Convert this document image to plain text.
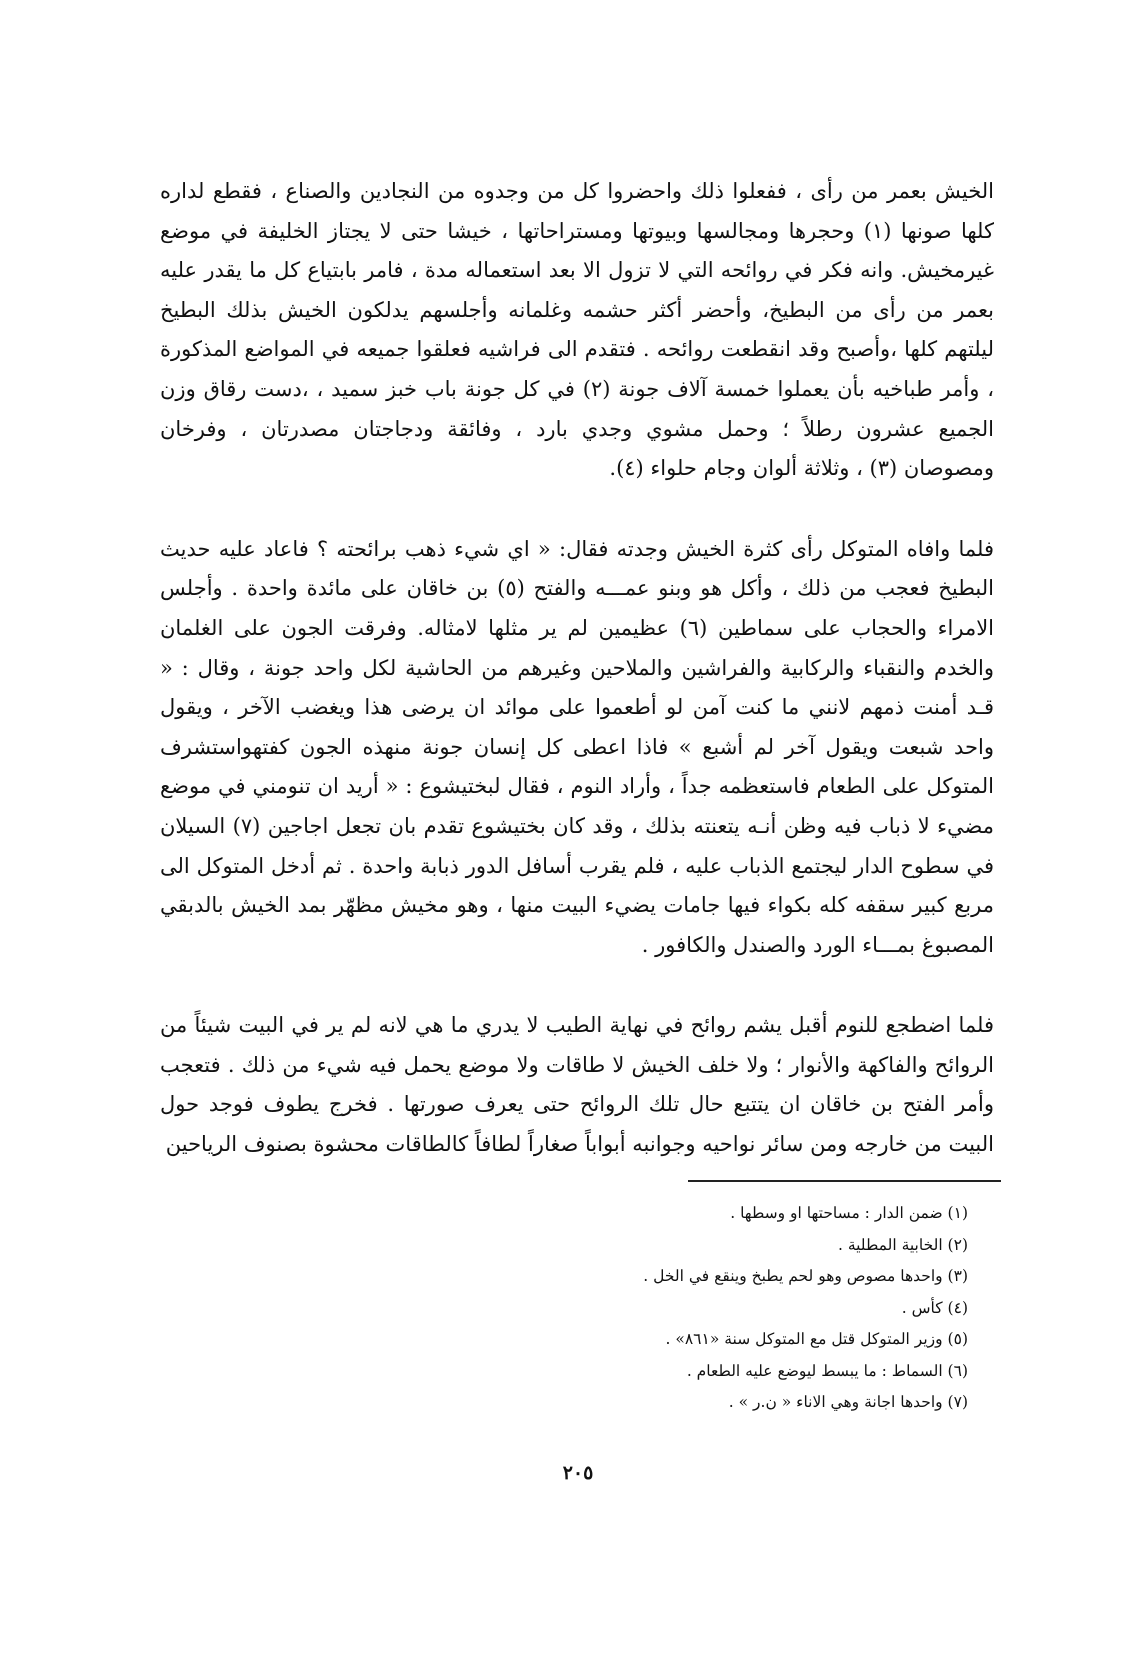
الخيش بعمر من رأى ، ففعلوا ذلك واحضروا كل من وجدوه من النجادين والصناع ، فقطع لداره كلها صونها (١) وحجرها ومجالسها وبيوتها ومستراحاتها ، خيشا حتى لا يجتاز الخليفة في موضع غيرمخيش. وانه فكر في روائحه التي لا تزول الا بعد استعماله مدة ، فامر بابتياع كل ما يقدر عليه بعمر من رأى من البطيخ، وأحضر أكثر حشمه وغلمانه وأجلسهم يدلكون الخيش بذلك البطيخ ليلتهم كلها ،وأصبح وقد انقطعت روائحه . فتقدم الى فراشيه فعلقوا جميعه في المواضع المذكورة ، وأمر طباخيه بأن يعملوا خمسة آلاف جونة (٢) في كل جونة باب خبز سميد ، ،دست رقاق وزن الجميع عشرون رطلاً ؛ وحمل مشوي وجدي بارد ، وفائقة ودجاجتان مصدرتان ، وفرخان ومصوصان (٣) ، وثلاثة ألوان وجام حلواء (٤).

فلما وافاه المتوكل رأى كثرة الخيش وجدته فقال: « اي شيء ذهب برائحته ؟ فاعاد عليه حديث البطيخ فعجب من ذلك ، وأكل هو وبنو عمـــه والفتح (٥) بن خاقان على مائدة واحدة . وأجلس الامراء والحجاب على سماطين (٦) عظيمين لم ير مثلها لامثاله. وفرقت الجون على الغلمان والخدم والنقباء والركابية والفراشين والملاحين وغيرهم من الحاشية لكل واحد جونة ، وقال : « قـد أمنت ذمهم لانني ما كنت آمن لو أطعموا على موائد ان يرضى هذا ويغضب الآخر ، ويقول واحد شبعت ويقول آخر لم أشبع » فاذا اعطى كل إنسان جونة منهذه الجون كفتهواستشرف المتوكل على الطعام فاستعظمه جداً ، وأراد النوم ، فقال لبختيشوع : « أريد ان تنومني في موضع مضيء لا ذباب فيه وظن أنـه يتعنته بذلك ، وقد كان بختيشوع تقدم بان تجعل اجاجين (٧) السيلان في سطوح الدار ليجتمع الذباب عليه ، فلم يقرب أسافل الدور ذبابة واحدة . ثم أدخل المتوكل الى مربع كبير سقفه كله بكواء فيها جامات يضيء البيت منها ، وهو مخيش مظهّر بمد الخيش بالدبقي المصبوغ بمـــاء الورد والصندل والكافور .

فلما اضطجع للنوم أقبل يشم روائح في نهاية الطيب لا يدري ما هي لانه لم ير في البيت شيئاً من الروائح والفاكهة والأنوار ؛ ولا خلف الخيش لا طاقات ولا موضع يحمل فيه شيء من ذلك . فتعجب وأمر الفتح بن خاقان ان يتتبع حال تلك الروائح حتى يعرف صورتها . فخرج يطوف فوجد حول البيت من خارجه ومن سائر نواحيه وجوانبه أبواباً صغاراً لطافاً كالطاقات محشوة بصنوف الرياحين

(١) ضمن الدار : مساحتها او وسطها .
(٢) الخابية المطلية .
(٣) واحدها مصوص وهو لحم يطبخ وينقع في الخل .
(٤) كأس .
(٥) وزير المتوكل قتل مع المتوكل سنة «٨٦١» .
(٦) السماط : ما يبسط ليوضع عليه الطعام .
(٧) واحدها اجانة وهي الاناء « ن.ر » .
٢٠٥
